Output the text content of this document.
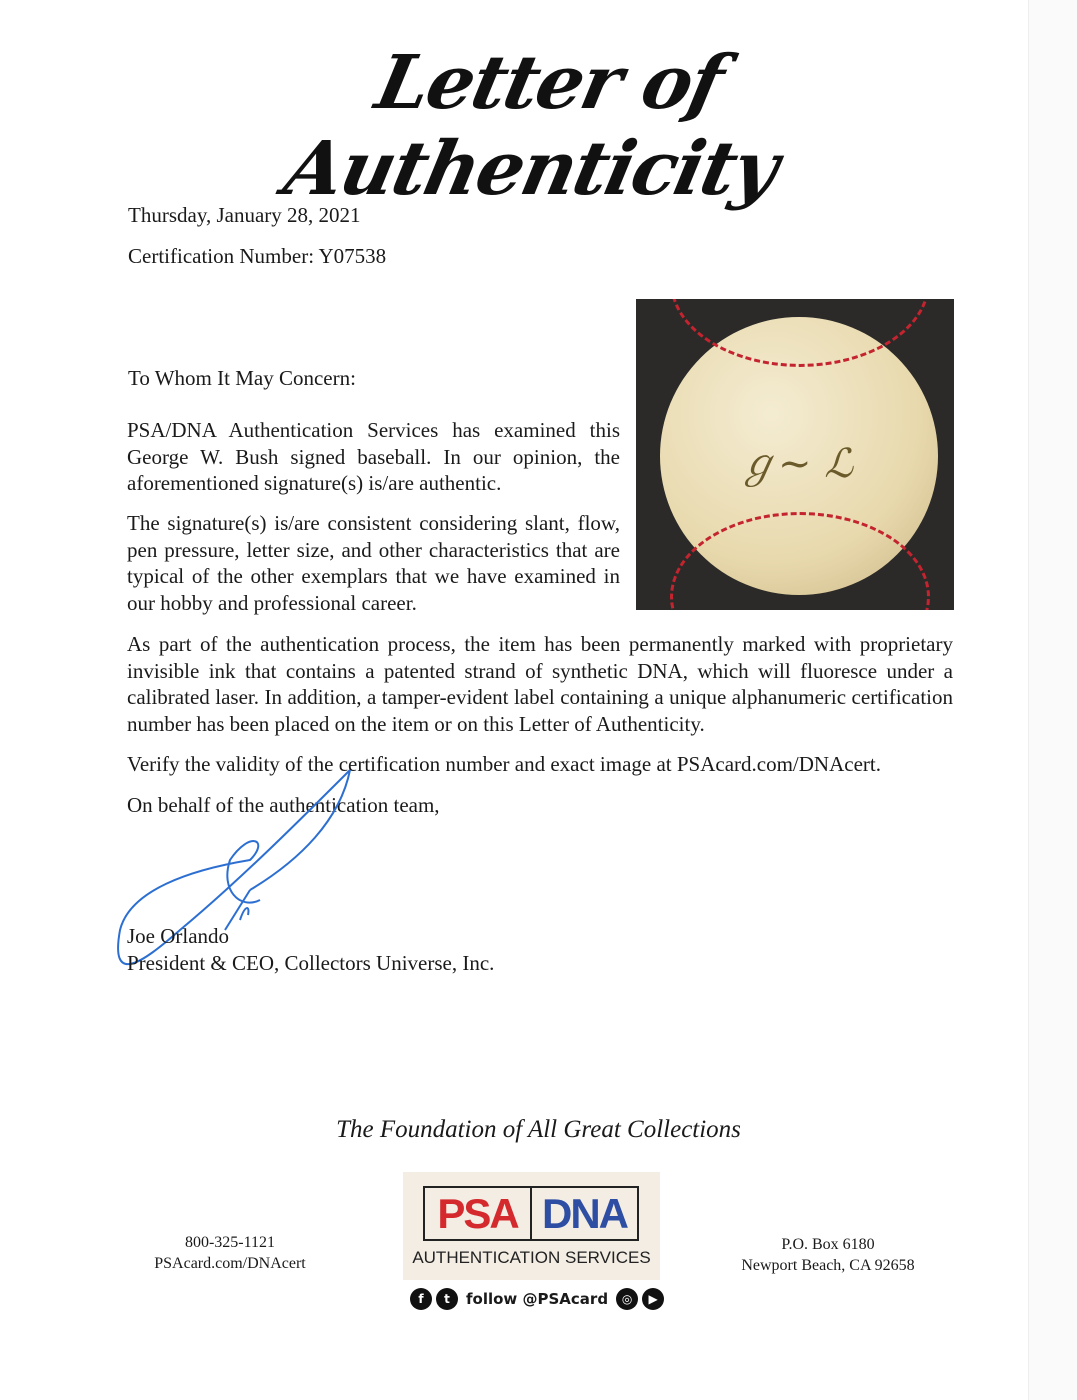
Letter of Authenticity
Thursday, January 28, 2021
Certification Number: Y07538
To Whom It May Concern:
PSA/DNA Authentication Services has examined this George W. Bush signed baseball. In our opinion, the aforementioned signature(s) is/are authentic.
The signature(s) is/are consistent considering slant, flow, pen pressure, letter size, and other characteristics that are typical of the other exemplars that we have examined in our hobby and professional career.
ℊ~ ℒ
As part of the authentication process, the item has been permanently marked with proprietary invisible ink that contains a patented strand of synthetic DNA, which will fluoresce under a calibrated laser. In addition, a tamper-evident label containing a unique alphanumeric certification number has been placed on the item or on this Letter of Authenticity.
Verify the validity of the certification number and exact image at PSAcard.com/DNAcert.
On behalf of the authentication team,
Joe Orlando
President & CEO, Collectors Universe, Inc.
The Foundation of All Great Collections
800-325-1121
PSAcard.com/DNAcert
P.O. Box 6180
Newport Beach, CA 92658
PSA DNA
AUTHENTICATION SERVICES
f	t	follow @PSAcard	◎	▶
